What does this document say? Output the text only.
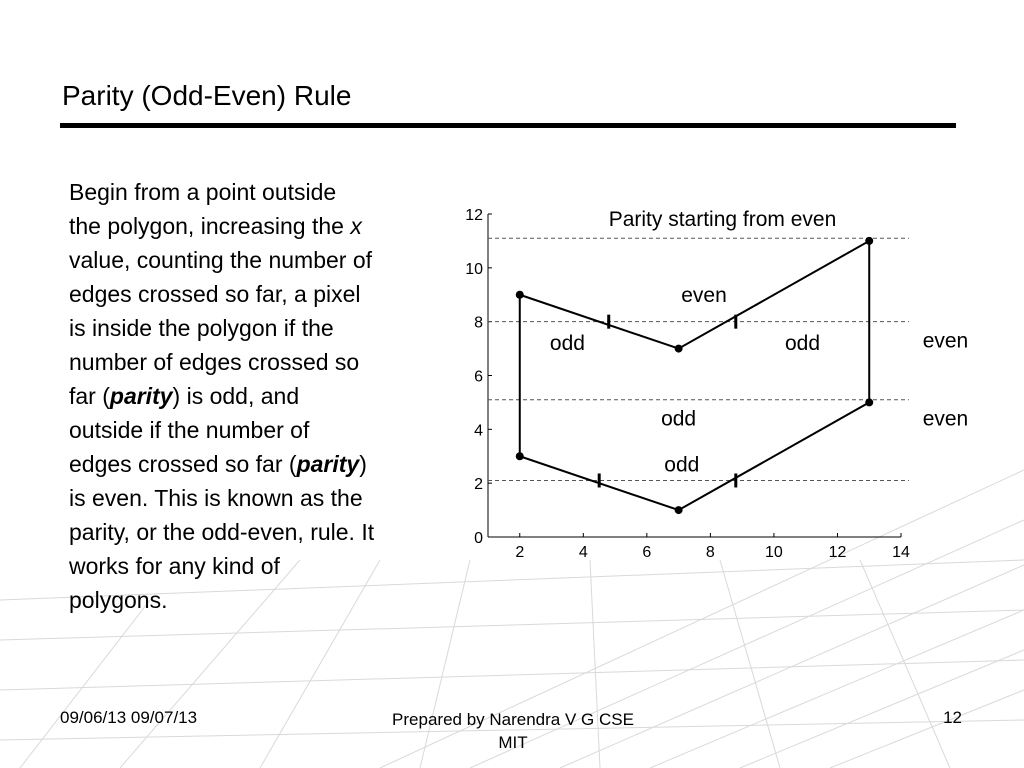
Parity (Odd-Even) Rule
Begin from a point outside
the polygon, increasing the x
value, counting the number of
edges crossed so far, a pixel
is inside the polygon if the
number of edges crossed so
far (parity) is odd, and
outside if the number of
edges crossed so far (parity)
is even. This is known as the
parity, or the odd-even, rule. It
works for any kind of
polygons.
2	4	6	8	10	12	14
0
2
4
6
8
10
12	Parity starting from even
even
odd	odd	even
odd	even
odd
09/06/13 09/07/13	Prepared by Narendra V G CSE
MIT
12
